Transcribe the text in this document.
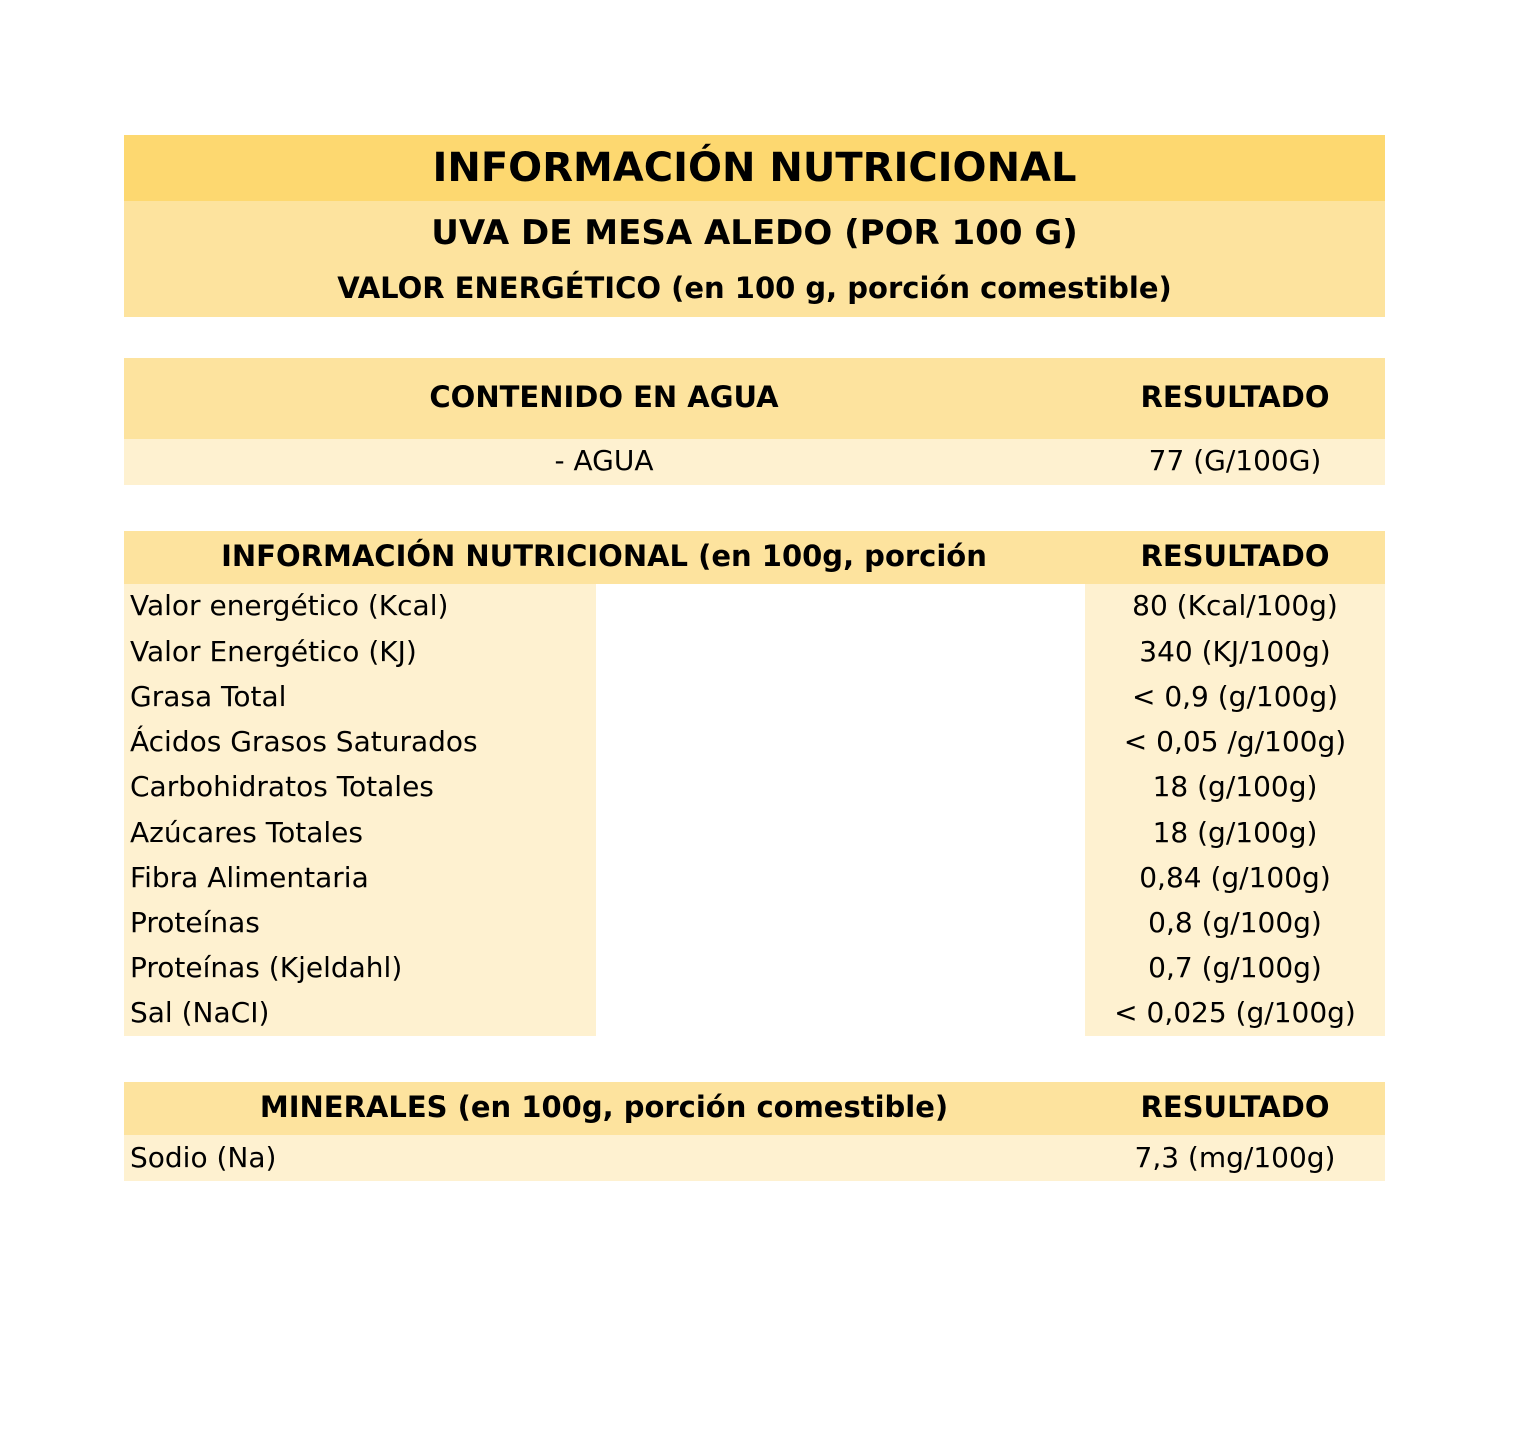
INFORMACIÓN NUTRICIONAL
UVA DE MESA ALEDO (POR 100 G)
VALOR ENERGÉTICO (en 100 g, porción comestible)
CONTENIDO EN AGUA	RESULTADO
- AGUA	77 (G/100G)
INFORMACIÓN NUTRICIONAL (en 100g, porción	RESULTADO
Valor energético (Kcal)	80 (Kcal/100g)
Valor Energético (KJ)	340 (KJ/100g)
Grasa Total	< 0,9 (g/100g)
Ácidos Grasos Saturados	< 0,05 /g/100g)
Carbohidratos Totales	18 (g/100g)
Azúcares Totales	18 (g/100g)
Fibra Alimentaria	0,84 (g/100g)
Proteínas	0,8 (g/100g)
Proteínas (Kjeldahl)	0,7 (g/100g)
Sal (NaCI)	< 0,025 (g/100g)
MINERALES (en 100g, porción comestible)	RESULTADO
Sodio (Na)	7,3 (mg/100g)
